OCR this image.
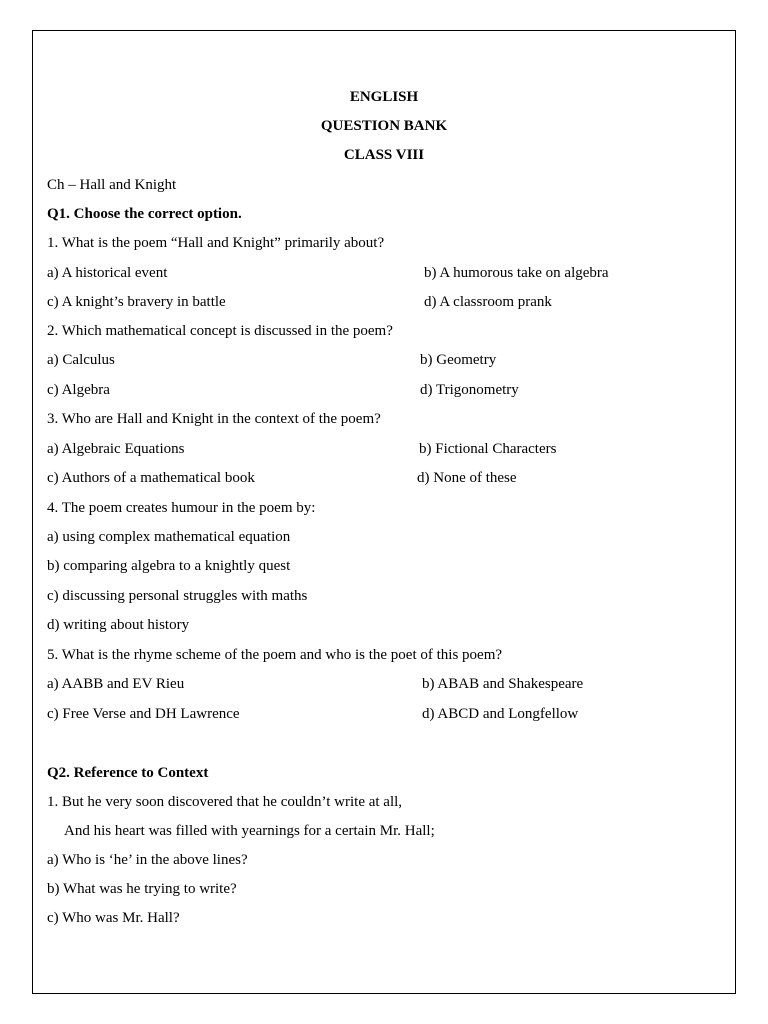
ENGLISH
QUESTION BANK
CLASS VIII
Ch – Hall and Knight
Q1. Choose the correct option.
1. What is the poem “Hall and Knight” primarily about?
a) A historical event	b) A humorous take on algebra
c) A knight’s bravery in battle	d) A classroom prank
2. Which mathematical concept is discussed in the poem?
a) Calculus	b) Geometry
c) Algebra	d) Trigonometry
3. Who are Hall and Knight in the context of the poem?
a) Algebraic Equations	b) Fictional Characters
c) Authors of a mathematical book	d) None of these
4. The poem creates humour in the poem by:
a) using complex mathematical equation
b) comparing algebra to a knightly quest
c) discussing personal struggles with maths
d) writing about history
5. What is the rhyme scheme of the poem and who is the poet of this poem?
a) AABB and EV Rieu	b) ABAB and Shakespeare
c) Free Verse and DH Lawrence	d) ABCD and Longfellow
Q2. Reference to Context
1. But he very soon discovered that he couldn’t write at all,
And his heart was filled with yearnings for a certain Mr. Hall;
a) Who is ‘he’ in the above lines?
b) What was he trying to write?
c) Who was Mr. Hall?
